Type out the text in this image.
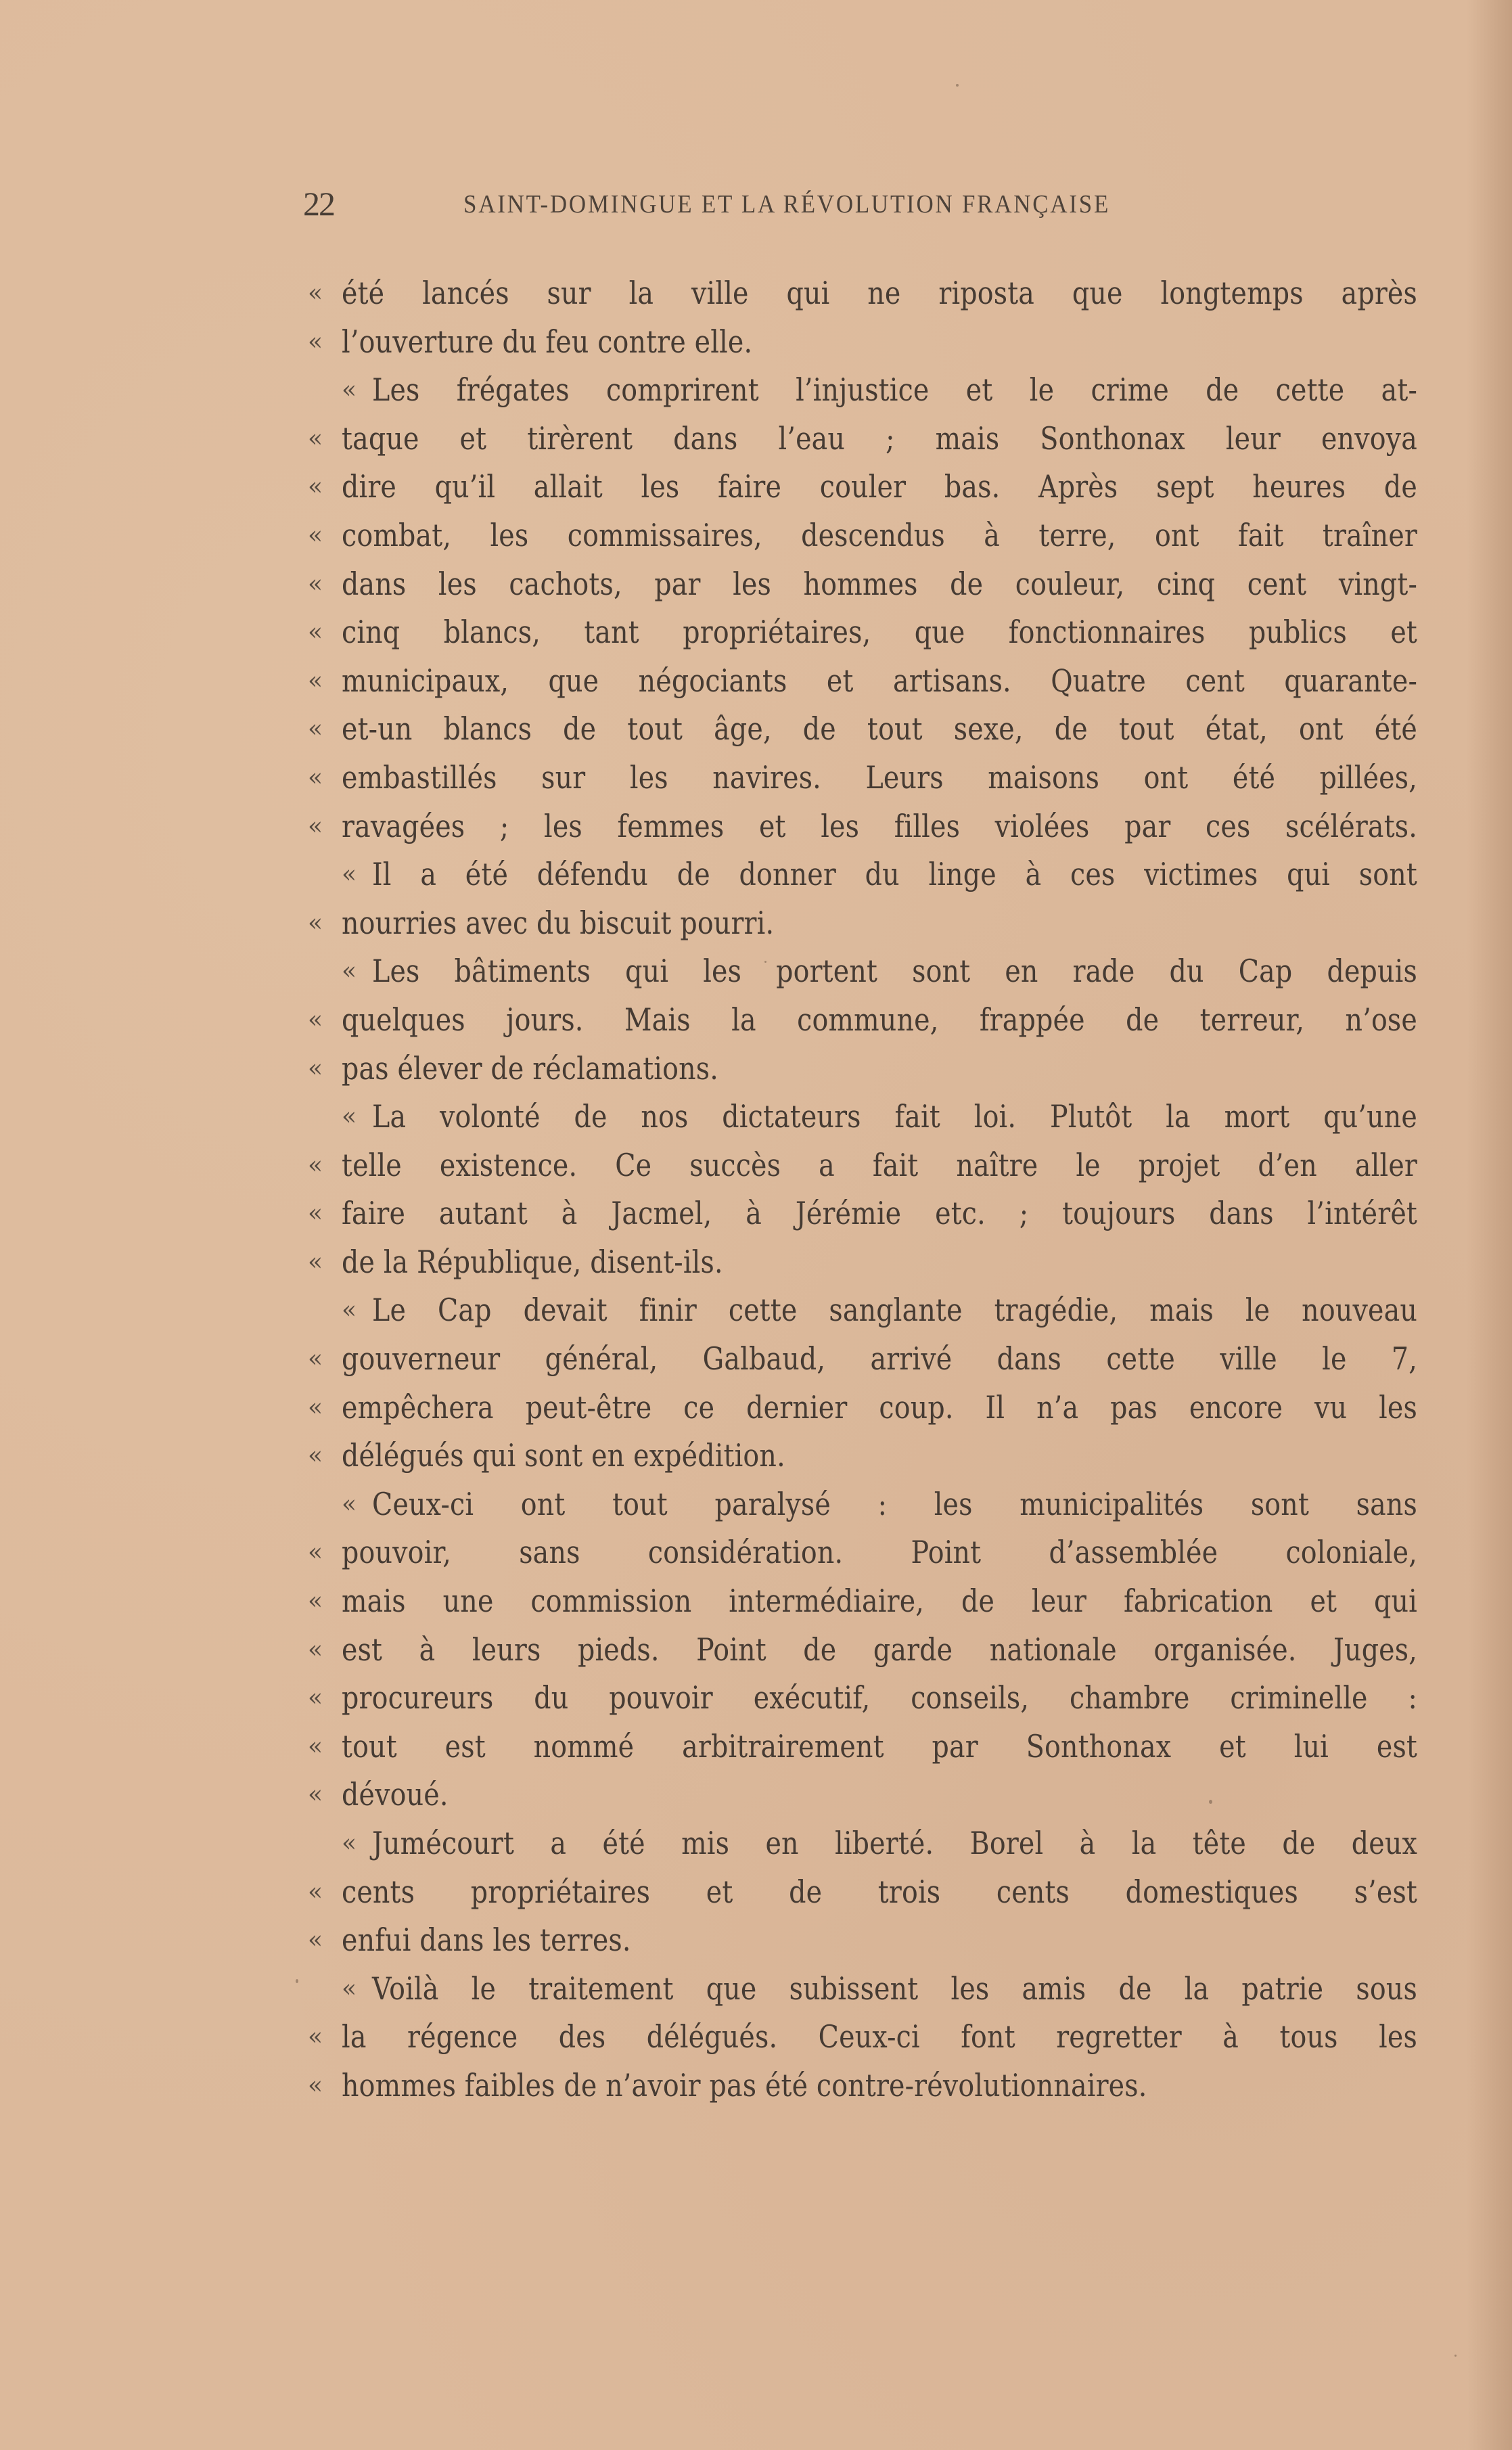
22	SAINT-DOMINGUE ET LA RÉVOLUTION FRANÇAISE
« été lancés sur la ville qui ne riposta que longtemps après
« l’ouverture du feu contre elle.
« Les frégates comprirent l’injustice et le crime de cette at-
« taque et tirèrent dans l’eau ; mais Sonthonax leur envoya
« dire qu’il allait les faire couler bas. Après sept heures de
« combat, les commissaires, descendus à terre, ont fait traîner
« dans les cachots, par les hommes de couleur, cinq cent vingt-
« cinq blancs, tant propriétaires, que fonctionnaires publics et
« municipaux, que négociants et artisans. Quatre cent quarante-
« et-un blancs de tout âge, de tout sexe, de tout état, ont été
« embastillés sur les navires. Leurs maisons ont été pillées,
« ravagées ; les femmes et les filles violées par ces scélérats.
« Il a été défendu de donner du linge à ces victimes qui sont
« nourries avec du biscuit pourri.
« Les bâtiments qui les portent sont en rade du Cap depuis
« quelques jours. Mais la commune, frappée de terreur, n’ose
« pas élever de réclamations.
« La volonté de nos dictateurs fait loi. Plutôt la mort qu’une
« telle existence. Ce succès a fait naître le projet d’en aller
« faire autant à Jacmel, à Jérémie etc. ; toujours dans l’intérêt
« de la République, disent-ils.
« Le Cap devait finir cette sanglante tragédie, mais le nouveau
« gouverneur général, Galbaud, arrivé dans cette ville le 7,
« empêchera peut-être ce dernier coup. Il n’a pas encore vu les
« délégués qui sont en expédition.
« Ceux-ci ont tout paralysé : les municipalités sont sans
« pouvoir, sans considération. Point d’assemblée coloniale,
« mais une commission intermédiaire, de leur fabrication et qui
« est à leurs pieds. Point de garde nationale organisée. Juges,
« procureurs du pouvoir exécutif, conseils, chambre criminelle :
« tout est nommé arbitrairement par Sonthonax et lui est
« dévoué.
« Jumécourt a été mis en liberté. Borel à la tête de deux
« cents propriétaires et de trois cents domestiques s’est
« enfui dans les terres.
« Voilà le traitement que subissent les amis de la patrie sous
« la régence des délégués. Ceux-ci font regretter à tous les
« hommes faibles de n’avoir pas été contre-révolutionnaires.
